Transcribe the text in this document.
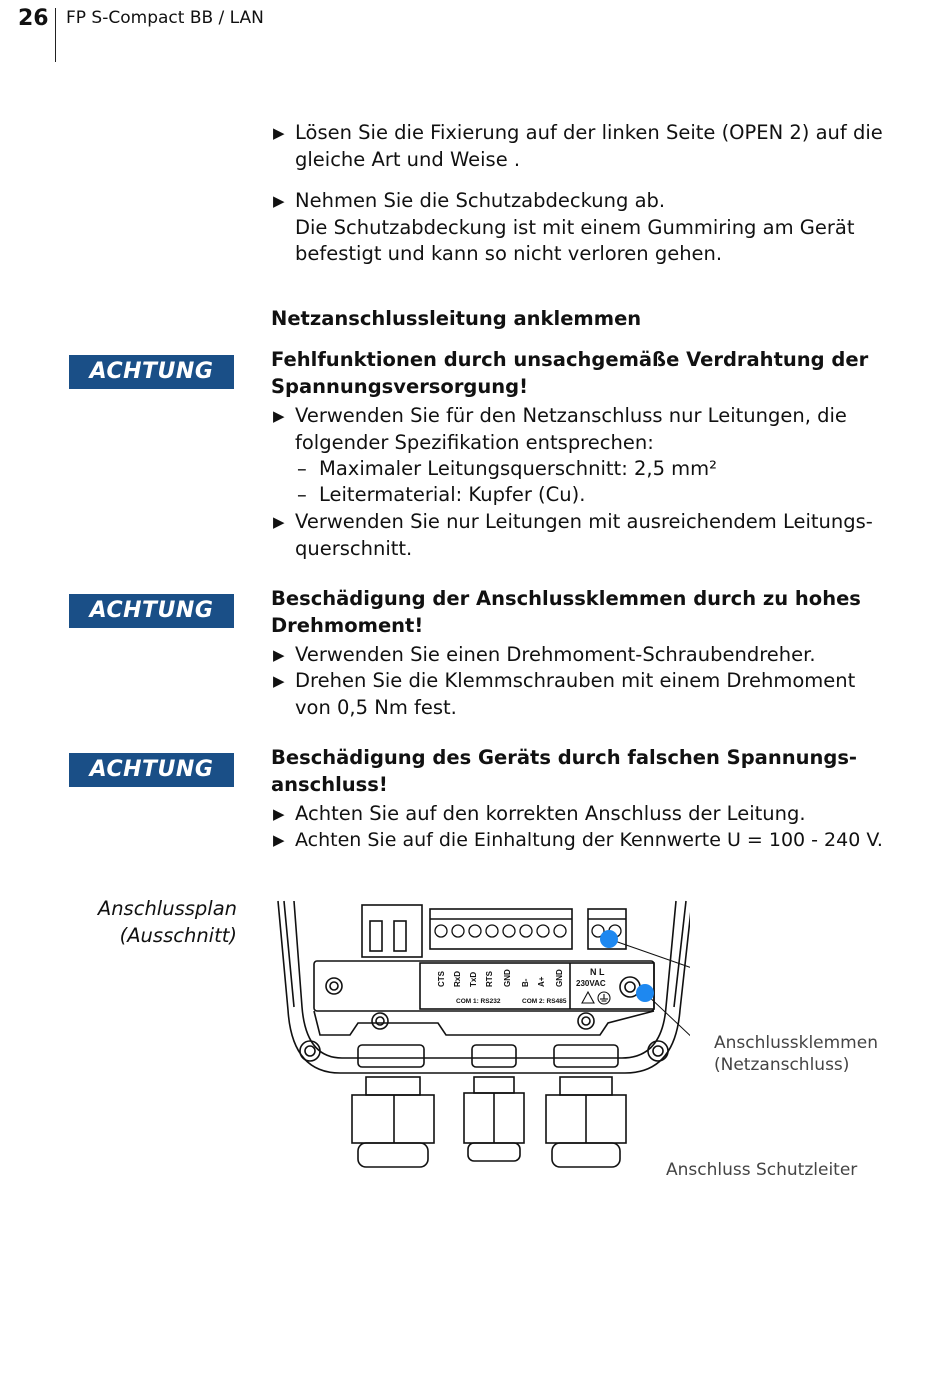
26 FP S-Compact BB / LAN
▶ Lösen Sie die Fixierung auf der linken Seite (OPEN 2) auf die
gleiche Art und Weise .
▶ Nehmen Sie die Schutzabdeckung ab.
Die Schutzabdeckung ist mit einem Gummiring am Gerät
befestigt und kann so nicht verloren gehen.
Netzanschlussleitung anklemmen
ACHTUNG	Fehlfunktionen durch unsachgemäße Verdrahtung der
Spannungsversorgung!
▶ Verwenden Sie für den Netzanschluss nur Leitungen, die
folgender Spezifikation entsprechen:
– Maximaler Leitungsquerschnitt: 2,5 mm²
– Leitermaterial: Kupfer (Cu).
▶ Verwenden Sie nur Leitungen mit ausreichendem Leitungs-
querschnitt.
ACHTUNG	Beschädigung der Anschlussklemmen durch zu hohes
Drehmoment!
▶ Verwenden Sie einen Drehmoment-Schraubendreher.
▶ Drehen Sie die Klemmschrauben mit einem Drehmoment
von 0,5 Nm fest.
ACHTUNG	Beschädigung des Geräts durch falschen Spannungs-
anschluss!
▶ Achten Sie auf den korrekten Anschluss der Leitung.
▶ Achten Sie auf die Einhaltung der Kennwerte U = 100 - 240 V.
Anschlussplan
(Ausschnitt)
CTS RxD TxD RTS GND B- A+ GND
COM 1: RS232	COM 2: RS485
N L
230VAC
Anschlussklemmen
(Netzanschluss)
Anschluss Schutzleiter
